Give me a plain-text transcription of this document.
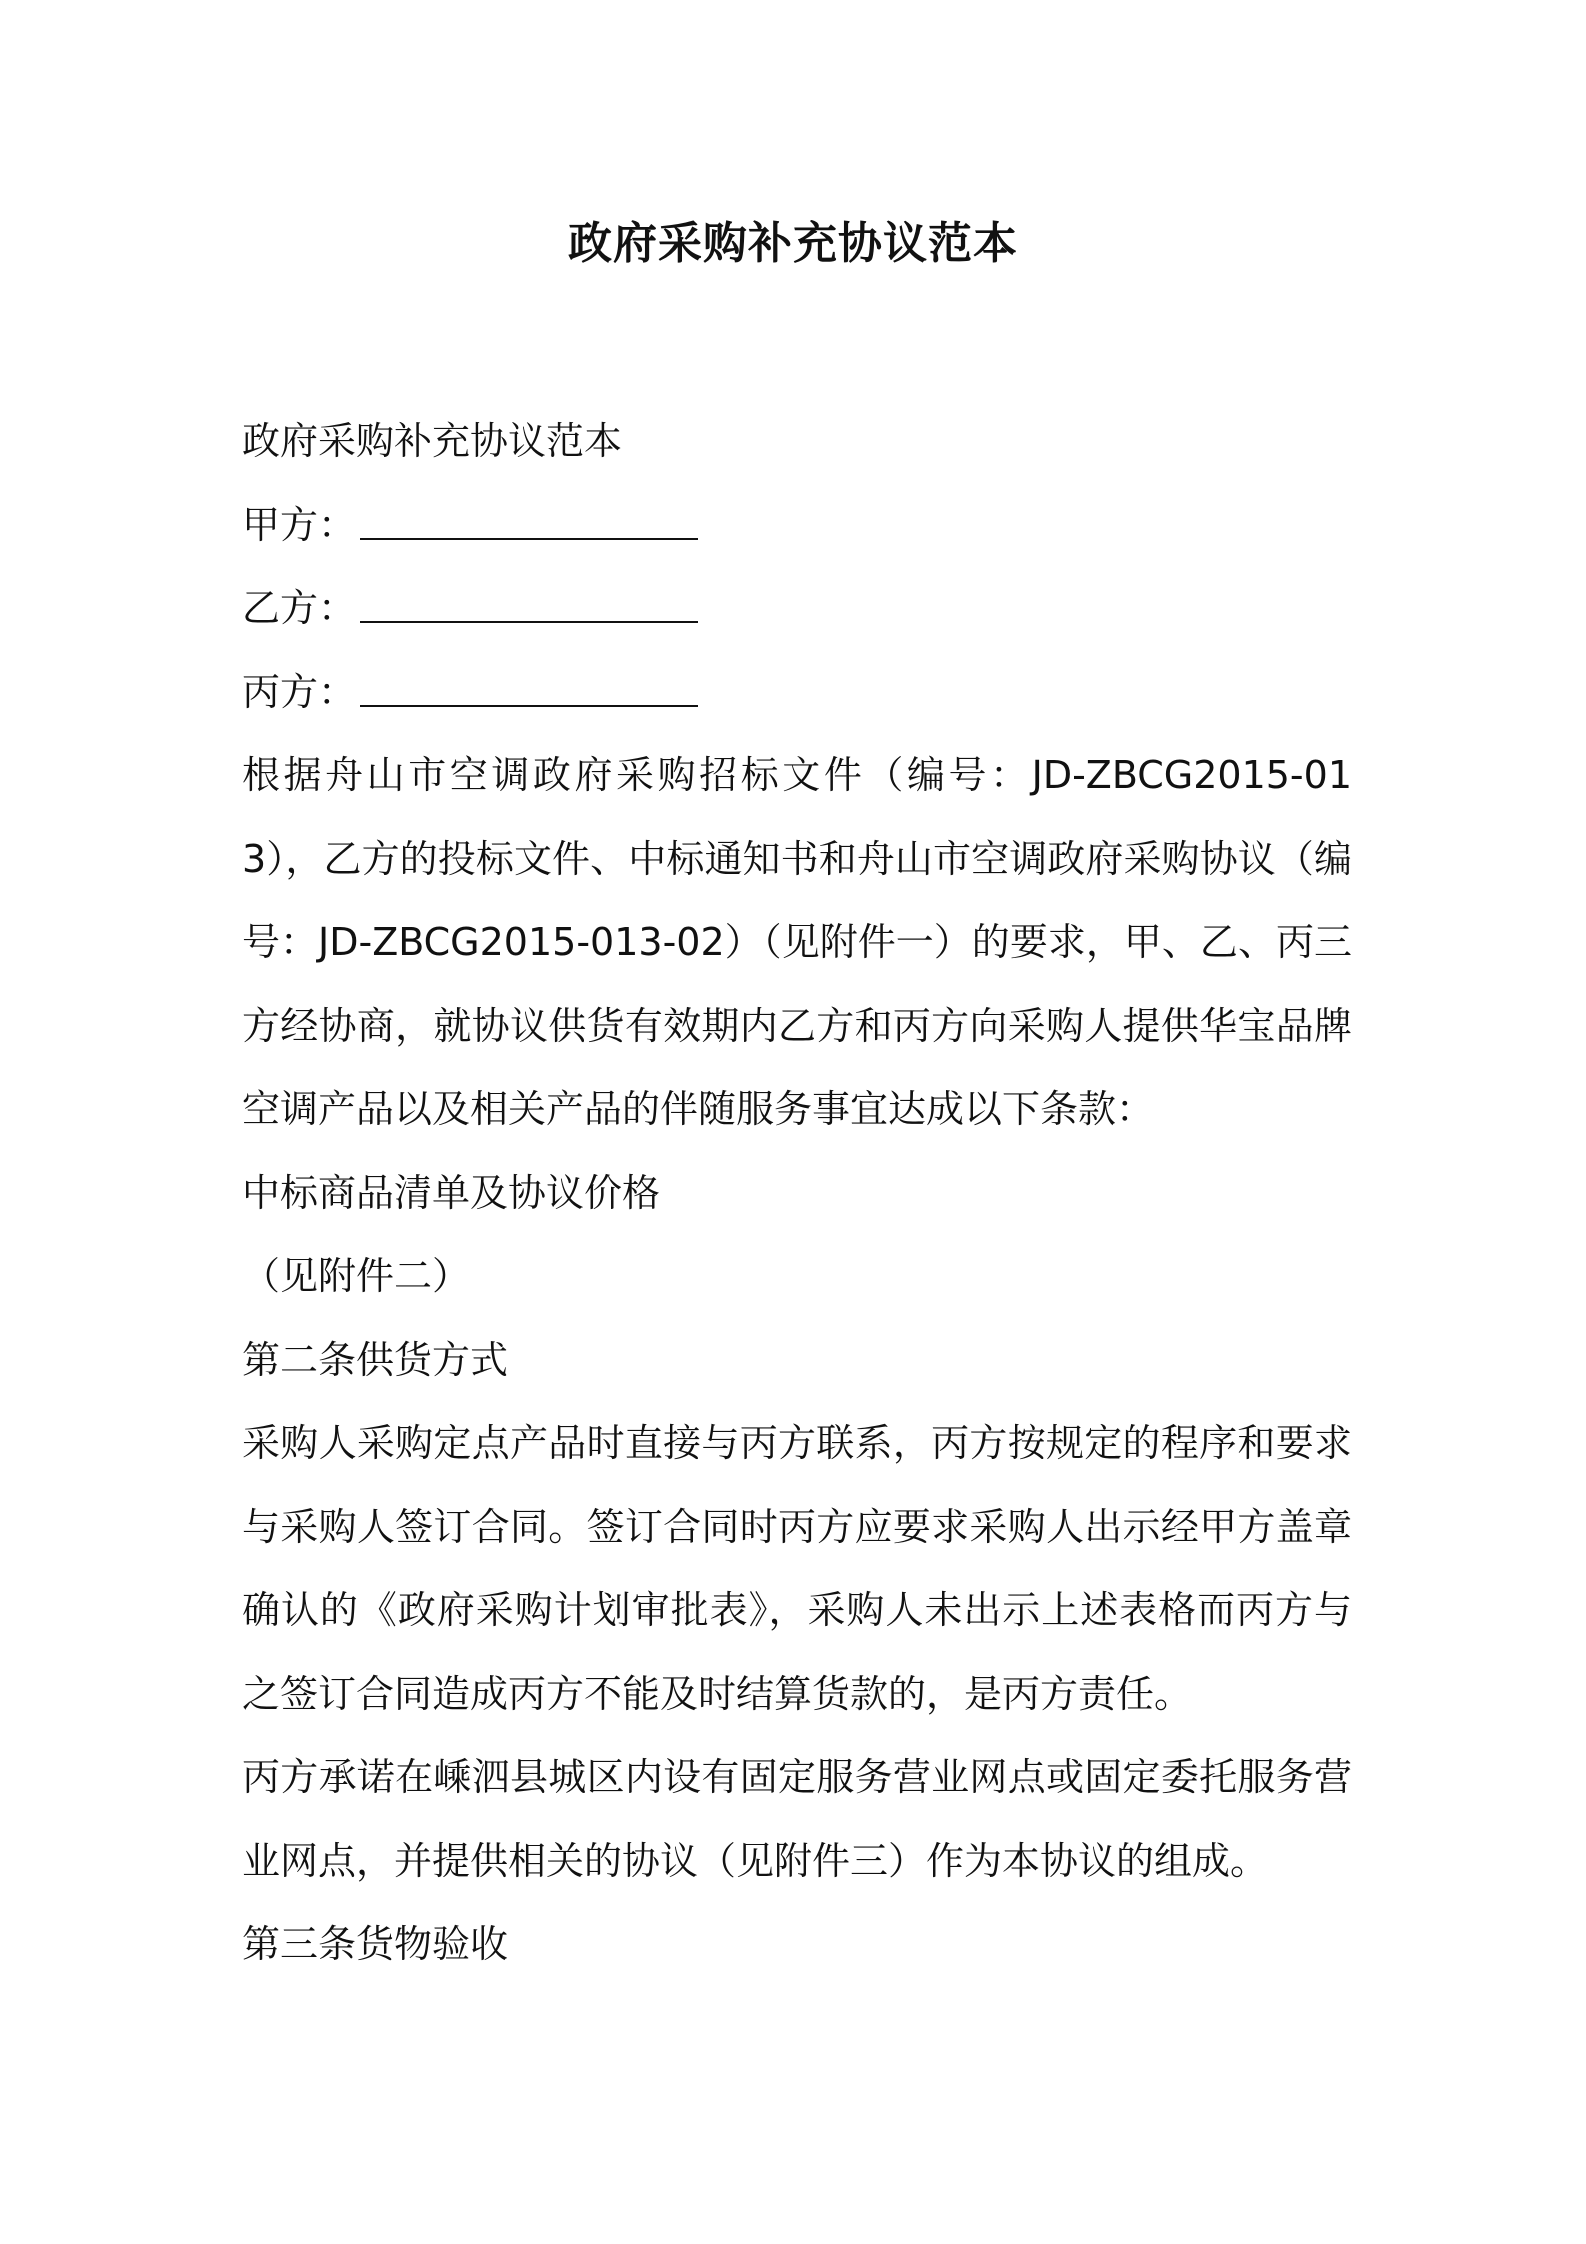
政府采购补充协议范本
政府采购补充协议范本
甲方：
乙方：
丙方：
根据舟山市空调政府采购招标文件（编号：JD-ZBCG2015-013），乙方的投标文件、中标通知书和舟山市空调政府采购协议（编号：JD-ZBCG2015-013-02）（见附件一）的要求，甲、乙、丙三方经协商，就协议供货有效期内乙方和丙方向采购人提供华宝品牌空调产品以及相关产品的伴随服务事宜达成以下条款：
中标商品清单及协议价格
（见附件二）
第二条供货方式
采购人采购定点产品时直接与丙方联系，丙方按规定的程序和要求与采购人签订合同。签订合同时丙方应要求采购人出示经甲方盖章确认的《政府采购计划审批表》，采购人未出示上述表格而丙方与之签订合同造成丙方不能及时结算货款的，是丙方责任。
丙方承诺在嵊泗县城区内设有固定服务营业网点或固定委托服务营业网点，并提供相关的协议（见附件三）作为本协议的组成。
第三条货物验收
